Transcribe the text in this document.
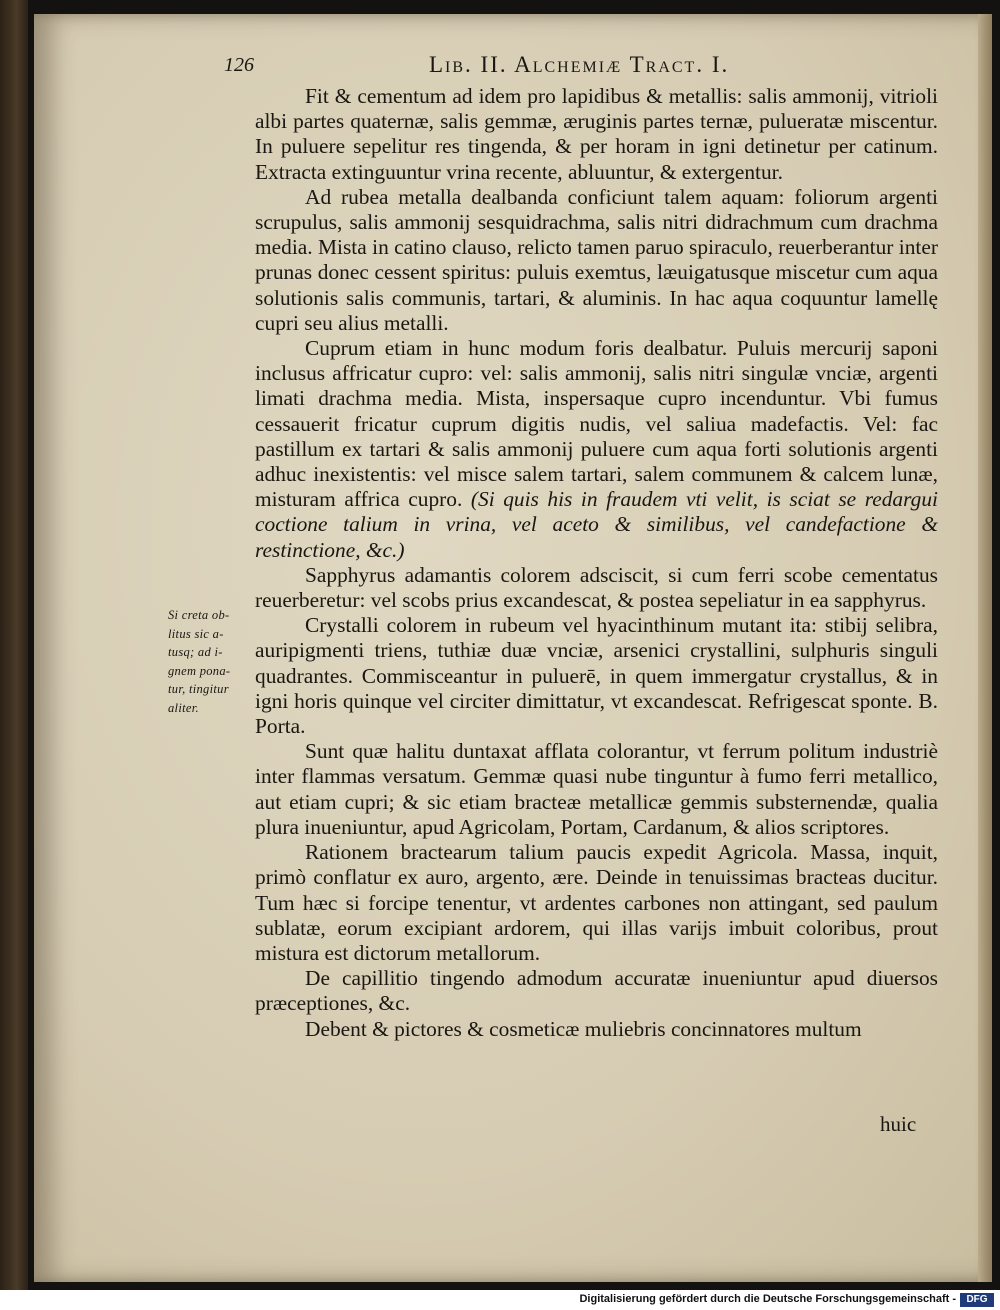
126	Lib. II. Alchemiæ Tract. I.

Fit & cementum ad idem pro lapidibus & metallis: salis ammonij, vitrioli albi partes quaternæ, salis gemmæ, æruginis partes ternæ, pulueratæ miscentur. In puluere sepelitur res tingenda, & per horam in igni detinetur per catinum. Extracta extinguuntur vrina recente, abluuntur, & extergentur.

Ad rubea metalla dealbanda conficiunt talem aquam: foliorum argenti scrupulus, salis ammonij sesquidrachma, salis nitri didrachmum cum drachma media. Mista in catino clauso, relicto tamen paruo spiraculo, reuerberantur inter prunas donec cessent spiritus: puluis exemtus, læuigatusque miscetur cum aqua solutionis salis communis, tartari, & aluminis. In hac aqua coquuntur lamellę cupri seu alius metalli.

Cuprum etiam in hunc modum foris dealbatur. Puluis mercurij saponi inclusus affricatur cupro: vel: salis ammonij, salis nitri singulæ vnciæ, argenti limati drachma media. Mista, inspersaque cupro incenduntur. Vbi fumus cessauerit fricatur cuprum digitis nudis, vel saliua madefactis. Vel: fac pastillum ex tartari & salis ammonij puluere cum aqua forti solutionis argenti adhuc inexistentis: vel misce salem tartari, salem communem & calcem lunæ, misturam affrica cupro. (Si quis his in fraudem vti velit, is sciat se redargui coctione talium in vrina, vel aceto & similibus, vel candefactione & restinctione, &c.)

Sapphyrus adamantis colorem adsciscit, si cum ferri scobe cementatus reuerberetur: vel scobs prius excandescat, & postea sepeliatur in ea sapphyrus.

Crystalli colorem in rubeum vel hyacinthinum mutant ita: stibij selibra, auripigmenti triens, tuthiæ duæ vnciæ, arsenici crystallini, sulphuris singuli quadrantes. Commisceantur in puluerē, in quem immergatur crystallus, & in igni horis quinque vel circiter dimittatur, vt excandescat. Refrigescat sponte. B. Porta.

Sunt quæ halitu duntaxat afflata colorantur, vt ferrum politum industriè inter flammas versatum. Gemmæ quasi nube tinguntur à fumo ferri metallico, aut etiam cupri; & sic etiam bracteæ metallicæ gemmis substernendæ, qualia plura inueniuntur, apud Agricolam, Portam, Cardanum, & alios scriptores.

Rationem bractearum talium paucis expedit Agricola. Massa, inquit, primò conflatur ex auro, argento, ære. Deinde in tenuissimas bracteas ducitur. Tum hæc si forcipe tenentur, vt ardentes carbones non attingant, sed paulum sublatæ, eorum excipiant ardorem, qui illas varijs imbuit coloribus, prout mistura est dictorum metallorum.

De capillitio tingendo admodum accuratæ inueniuntur apud diuersos præceptiones, &c.

Debent & pictores & cosmeticæ muliebris concinnatores multum

Si creta ob-
litus sic a-
tusq; ad i-
gnem pona-
tur, tingitur
aliter.
huic
Digitalisierung gefördert durch die Deutsche Forschungsgemeinschaft -	DFG
